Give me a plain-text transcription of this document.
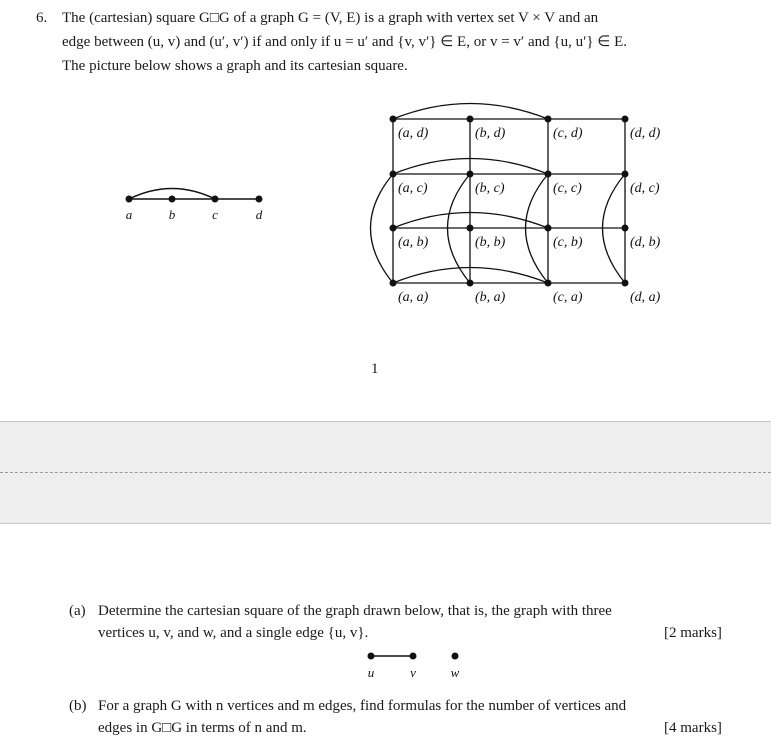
6. The (cartesian) square G□G of a graph G = (V, E) is a graph with vertex set V × V and an
edge between (u, v) and (u′, v′) if and only if u = u′ and {v, v′} ∈ E, or v = v′ and {u, u′} ∈ E.
The picture below shows a graph and its cartesian square.
a	b	c	d
(a, d)	(b, d)	(c, d)	(d, d)
(a, c)	(b, c)	(c, c)	(d, c)
(a, b)	(b, b)	(c, b)	(d, b)
(a, a)	(b, a)	(c, a)	(d, a)
1
(a) Determine the cartesian square of the graph drawn below, that is, the graph with three
vertices u, v, and w, and a single edge {u, v}.	[2 marks]
u	v	w
(b) For a graph G with n vertices and m edges, find formulas for the number of vertices and
edges in G□G in terms of n and m.	[4 marks]
